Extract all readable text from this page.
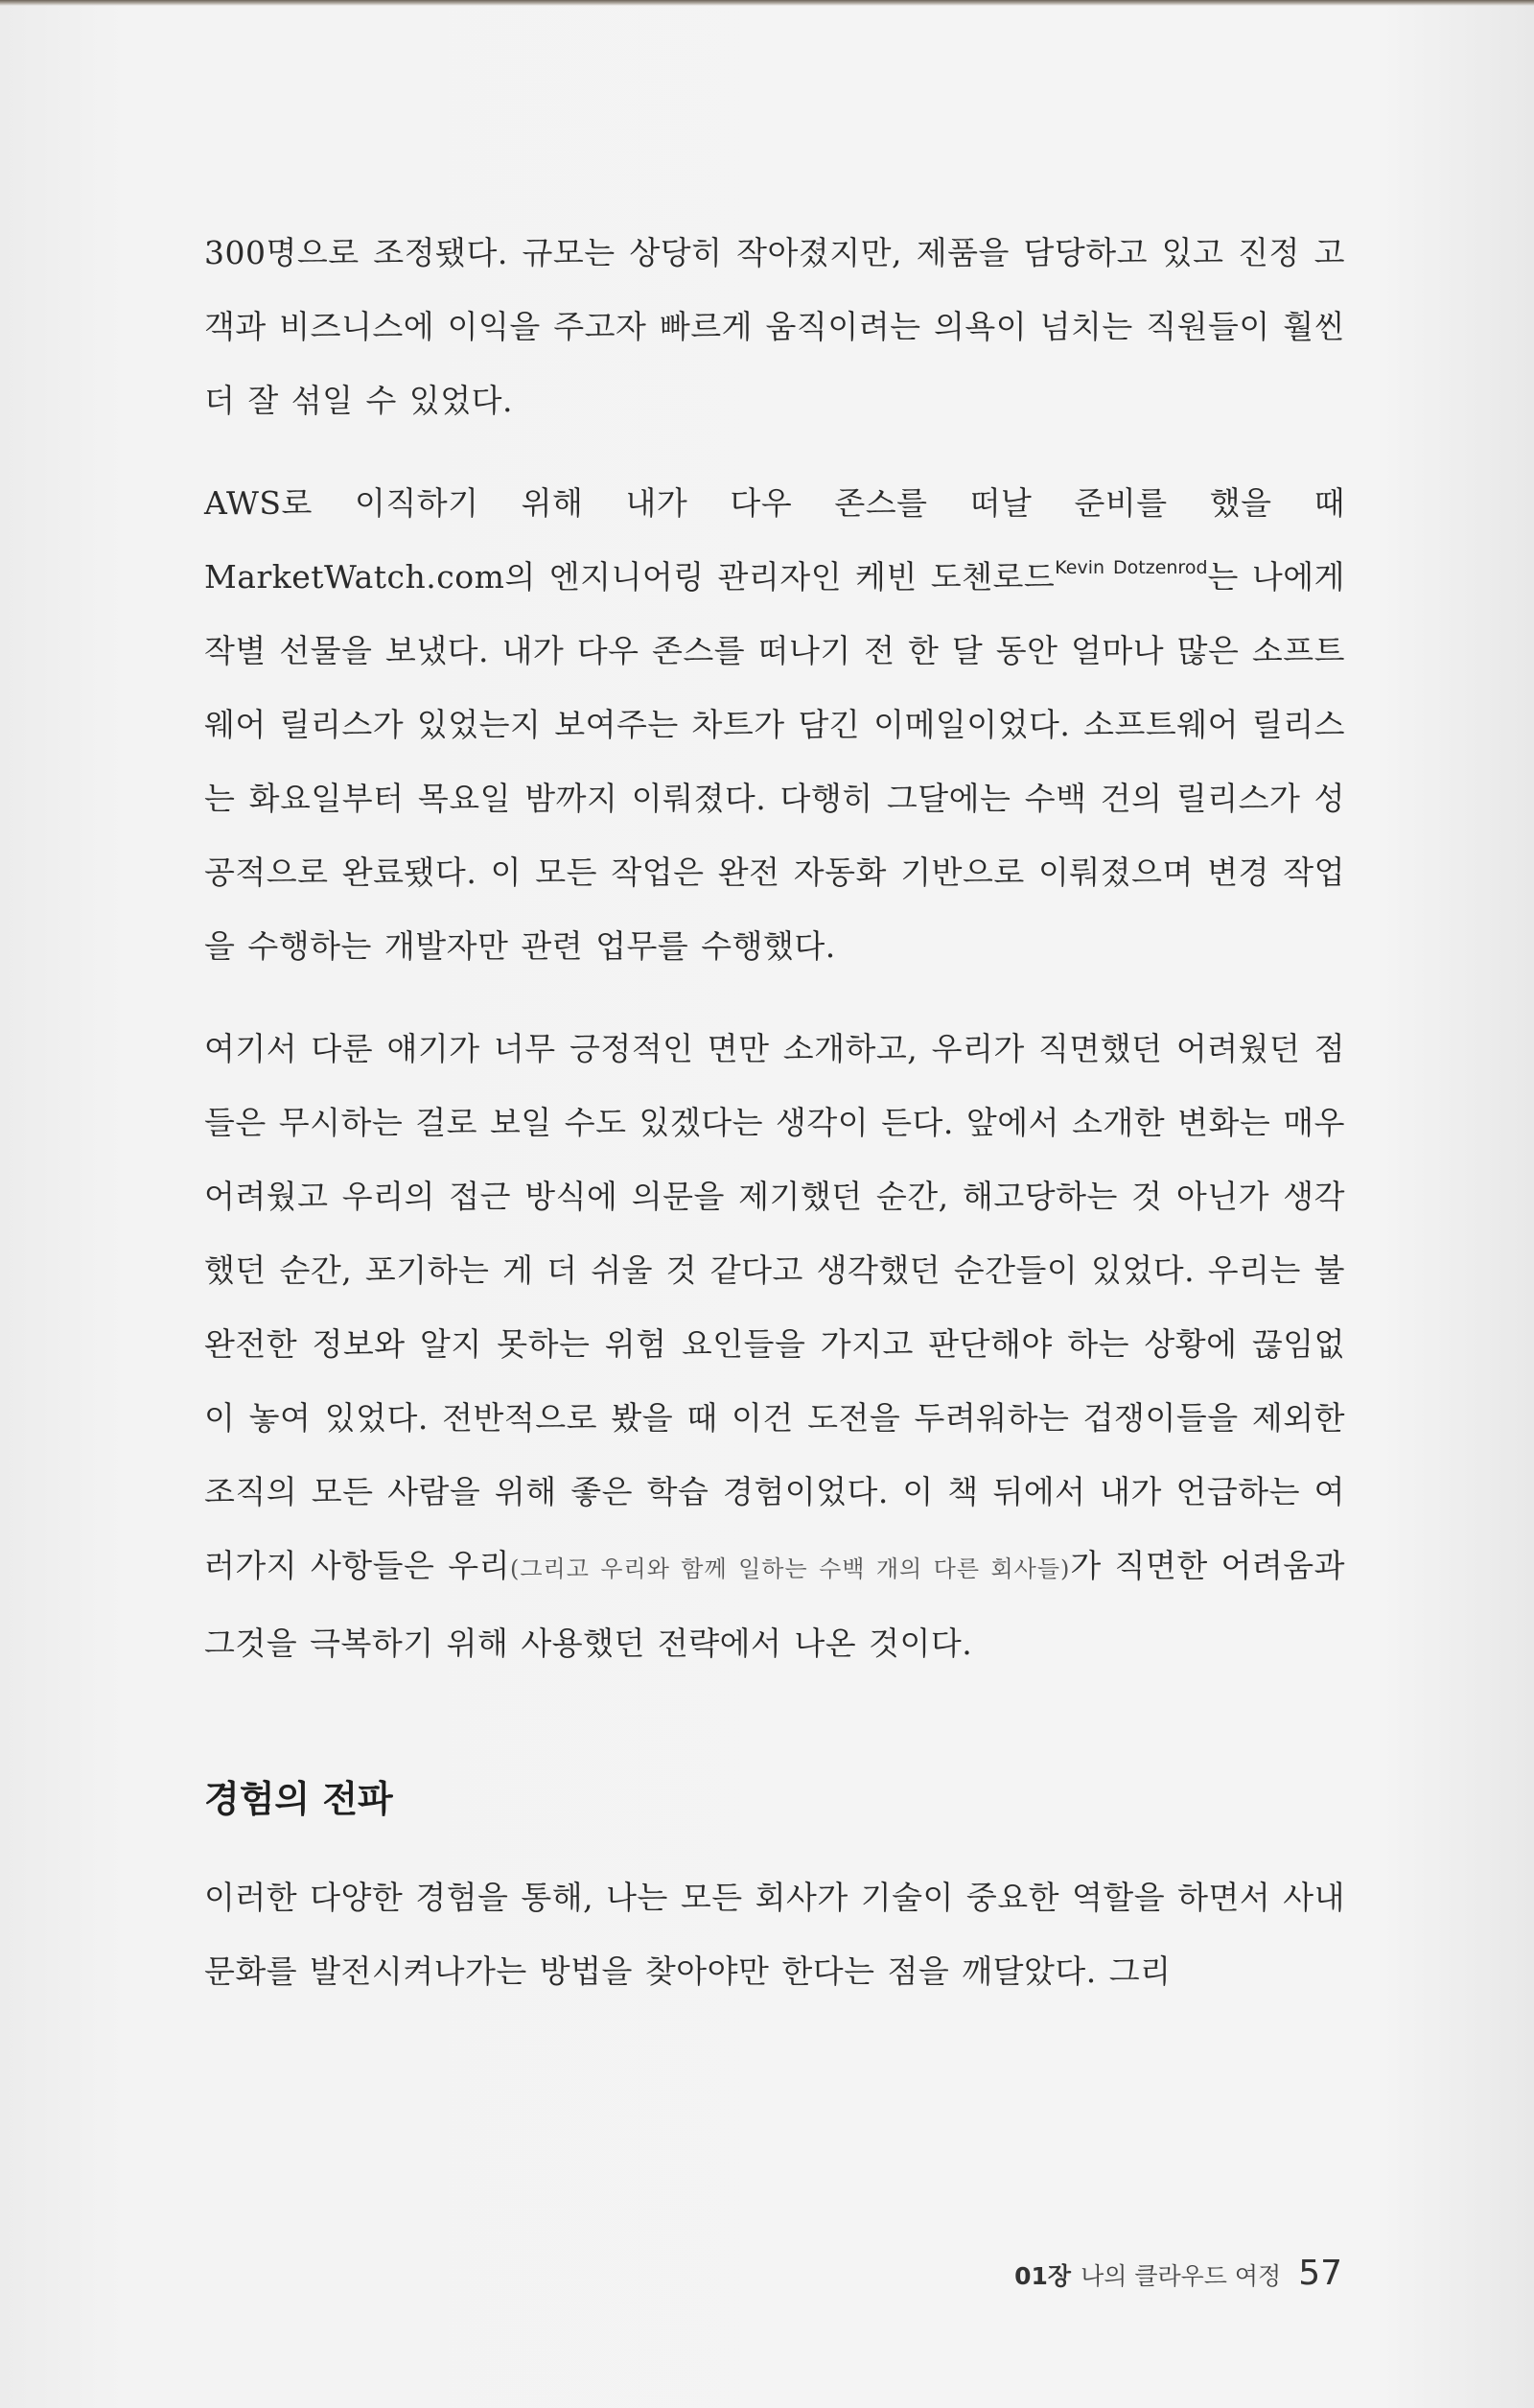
300명으로 조정됐다. 규모는 상당히 작아졌지만, 제품을 담당하고 있고 진정 고객과 비즈니스에 이익을 주고자 빠르게 움직이려는 의욕이 넘치는 직원들이 훨씬 더 잘 섞일 수 있었다.

AWS로 이직하기 위해 내가 다우 존스를 떠날 준비를 했을 때 MarketWatch.com의 엔지니어링 관리자인 케빈 도첸로드$^{Kevin Dotzenrod}$는 나에게 작별 선물을 보냈다. 내가 다우 존스를 떠나기 전 한 달 동안 얼마나 많은 소프트웨어 릴리스가 있었는지 보여주는 차트가 담긴 이메일이었다. 소프트웨어 릴리스는 화요일부터 목요일 밤까지 이뤄졌다. 다행히 그달에는 수백 건의 릴리스가 성공적으로 완료됐다. 이 모든 작업은 완전 자동화 기반으로 이뤄졌으며 변경 작업을 수행하는 개발자만 관련 업무를 수행했다.

여기서 다룬 얘기가 너무 긍정적인 면만 소개하고, 우리가 직면했던 어려웠던 점들은 무시하는 걸로 보일 수도 있겠다는 생각이 든다. 앞에서 소개한 변화는 매우 어려웠고 우리의 접근 방식에 의문을 제기했던 순간, 해고당하는 것 아닌가 생각했던 순간, 포기하는 게 더 쉬울 것 같다고 생각했던 순간들이 있었다. 우리는 불완전한 정보와 알지 못하는 위험 요인들을 가지고 판단해야 하는 상황에 끊임없이 놓여 있었다. 전반적으로 봤을 때 이건 도전을 두려워하는 겁쟁이들을 제외한 조직의 모든 사람을 위해 좋은 학습 경험이었다. 이 책 뒤에서 내가 언급하는 여러가지 사항들은 우리(그리고 우리와 함께 일하는 수백 개의 다른 회사들)가 직면한 어려움과 그것을 극복하기 위해 사용했던 전략에서 나온 것이다.

경험의 전파

이러한 다양한 경험을 통해, 나는 모든 회사가 기술이 중요한 역할을 하면서 사내 문화를 발전시켜나가는 방법을 찾아야만 한다는 점을 깨달았다. 그리

01장 나의 클라우드 여정 57
